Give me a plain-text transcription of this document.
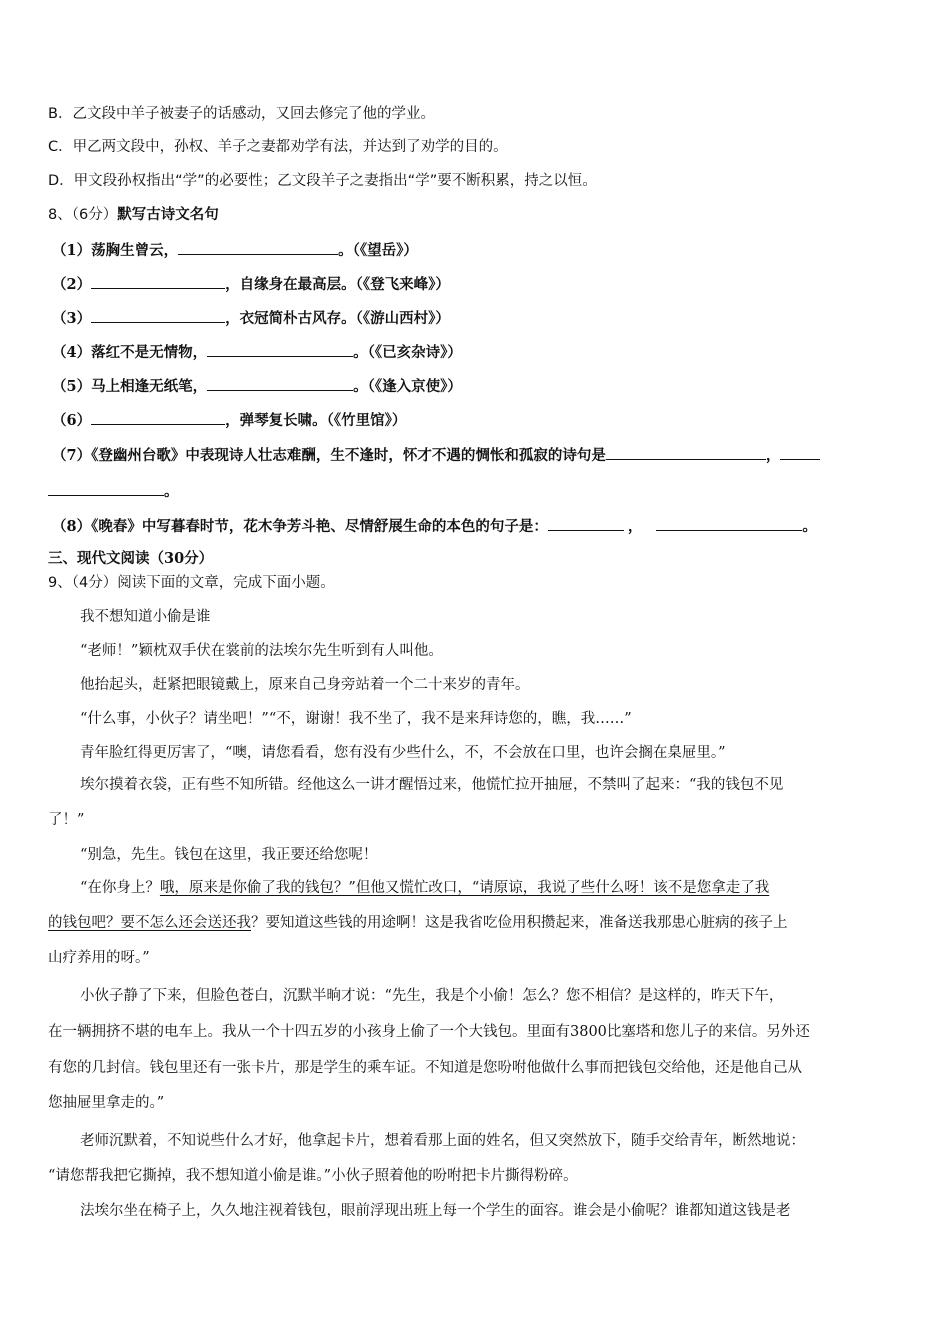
B．乙文段中羊子被妻子的话感动，又回去修完了他的学业。
C．甲乙两文段中，孙权、羊子之妻都劝学有法，并达到了劝学的目的。
D．甲文段孙权指出“学”的必要性；乙文段羊子之妻指出“学”要不断积累，持之以恒。
8、（6分）默写古诗文名句
（1）荡胸生曾云，	。（《望岳》）
（2）	，自缘身在最高层。（《登飞来峰》）
（3）	，衣冠简朴古风存。（《游山西村》）
（4）落红不是无情物，	。（《已亥杂诗》）
（5）马上相逢无纸笔，	。（《逢入京使》）
（6）	，弹琴复长啸。（《竹里馆》）
（7）《登幽州台歌》中表现诗人壮志难酬，生不逢时，怀才不遇的惆怅和孤寂的诗句是	，
。
（8）《晚春》中写暮春时节，花木争芳斗艳、尽情舒展生命的本色的句子是：	，	。
三、现代文阅读（30分）
9、（4分）阅读下面的文章，完成下面小题。
我不想知道小偷是谁
“老师！”颖枕双手伏在裳前的法埃尔先生听到有人叫他。
他抬起头，赶紧把眼镜戴上，原来自己身旁站着一个二十来岁的青年。
“什么事，小伙子？请坐吧！”“不，谢谢！我不坐了，我不是来拜诗您的，瞧，我……”
青年脸红得更厉害了，“噢，请您看看，您有没有少些什么，不，不会放在口里，也许会搁在臬屉里。”
埃尔摸着衣袋，正有些不知所错。经他这么一讲才醒悟过来，他慌忙拉开抽屉，不禁叫了起来：“我的钱包不见
了！”
“别急，先生。钱包在这里，我正要还给您呢！
“在你身上？哦，原来是你偷了我的钱包？”但他又慌忙改口，“请原谅，我说了些什么呀！该不是您拿走了我
的钱包吧？要不怎么还会送还我？要知道这些钱的用途啊！这是我省吃俭用积攒起来，准备送我那患心脏病的孩子上
山疗养用的呀。”
小伙子静了下来，但脸色苍白，沉默半晌才说：“先生，我是个小偷！怎么？您不相信？是这样的，昨天下午，
在一辆拥挤不堪的电车上。我从一个十四五岁的小孩身上偷了一个大钱包。里面有3800比塞塔和您儿子的来信。另外还
有您的几封信。钱包里还有一张卡片，那是学生的乘车证。不知道是您吩咐他做什么事而把钱包交给他，还是他自己从
您抽屉里拿走的。”
老师沉默着，不知说些什么才好，他拿起卡片，想着看那上面的姓名，但又突然放下，随手交给青年，断然地说：
“请您帮我把它撕掉，我不想知道小偷是谁。”小伙子照着他的吩咐把卡片撕得粉碎。
法埃尔坐在椅子上，久久地注视着钱包，眼前浮现出班上每一个学生的面容。谁会是小偷呢？谁都知道这钱是老
